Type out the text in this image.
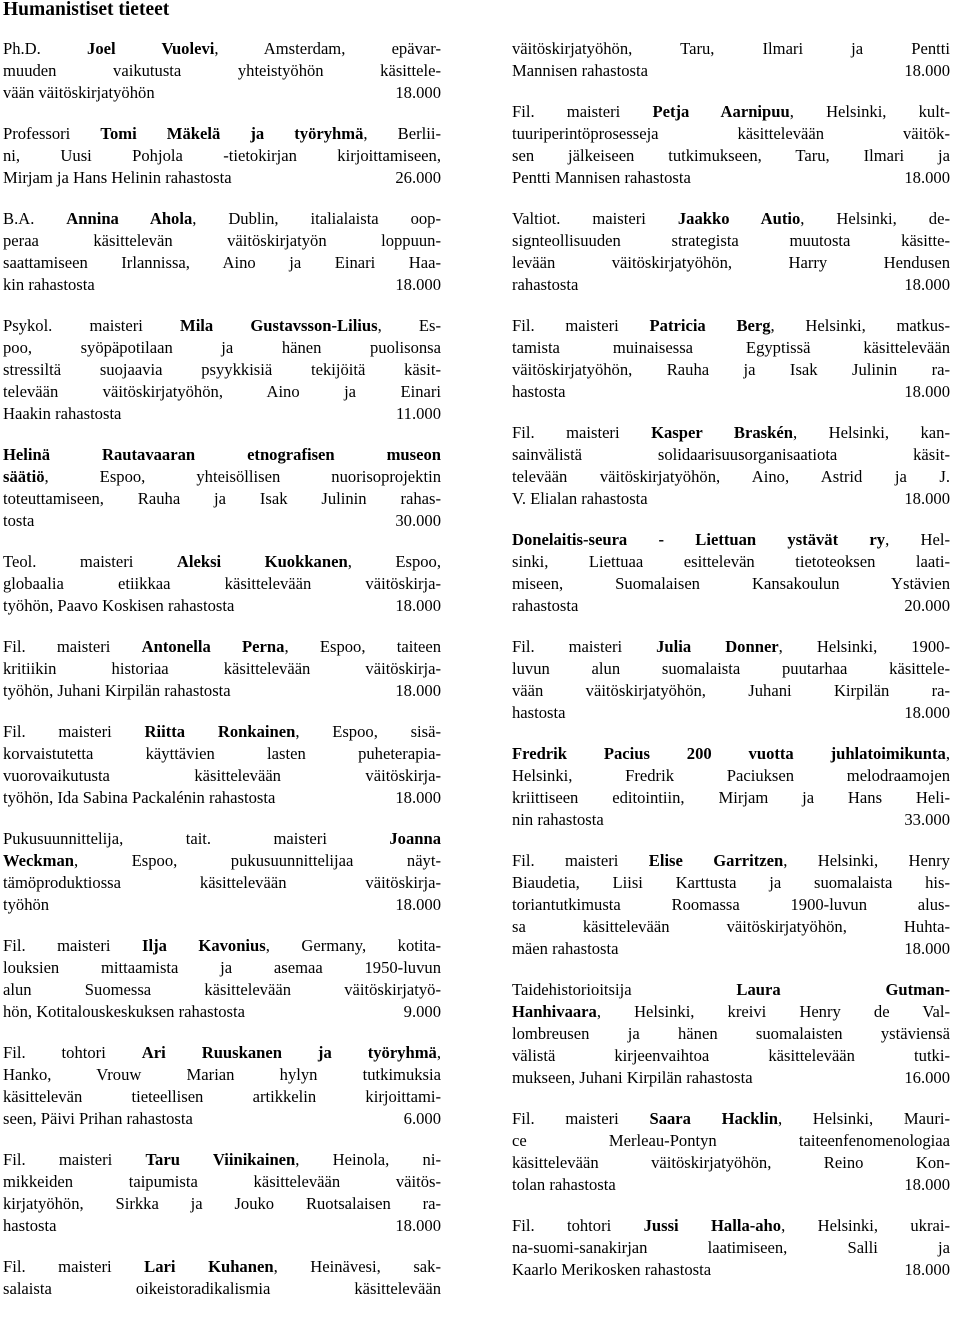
Humanistiset tieteet
Ph.D. Joel Vuolevi, Amsterdam, epävar-
muuden vaikutusta yhteistyöhön käsittele-
vään väitöskirjatyöhön	18.000
Professori Tomi Mäkelä ja työryhmä, Berlii-
ni, Uusi Pohjola -tietokirjan kirjoittamiseen,
Mirjam ja Hans Helinin rahastosta	26.000
B.A. Annina Ahola, Dublin, italialaista oop-
peraa käsittelevän väitöskirjatyön loppuun-
saattamiseen Irlannissa, Aino ja Einari Haa-
kin rahastosta	18.000
Psykol. maisteri Mila Gustavsson-Lilius, Es-
poo, syöpäpotilaan ja hänen puolisonsa
stressiltä suojaavia psyykkisiä tekijöitä käsit-
televään väitöskirjatyöhön, Aino ja Einari
Haakin rahastosta	11.000
Helinä Rautavaaran etnografisen museon
säätiö, Espoo, yhteisöllisen nuorisoprojektin
toteuttamiseen, Rauha ja Isak Julinin rahas-
tosta	30.000
Teol. maisteri Aleksi Kuokkanen, Espoo,
globaalia etiikkaa käsittelevään väitöskirja-
työhön, Paavo Koskisen rahastosta	18.000
Fil. maisteri Antonella Perna, Espoo, taiteen
kritiikin historiaa käsittelevään väitöskirja-
työhön, Juhani Kirpilän rahastosta	18.000
Fil. maisteri Riitta Ronkainen, Espoo, sisä-
korvaistutetta käyttävien lasten puheterapia-
vuorovaikutusta käsittelevään väitöskirja-
työhön, Ida Sabina Packalénin rahastosta	18.000
Pukusuunnittelija, tait. maisteri Joanna
Weckman, Espoo, pukusuunnittelijaa näyt-
tämöproduktiossa käsittelevään väitöskirja-
työhön	18.000
Fil. maisteri Ilja Kavonius, Germany, kotita-
louksien mittaamista ja asemaa 1950-luvun
alun Suomessa käsittelevään väitöskirjatyö-
hön, Kotitalouskeskuksen rahastosta	9.000
Fil. tohtori Ari Ruuskanen ja työryhmä,
Hanko, Vrouw Marian hylyn tutkimuksia
käsittelevän tieteellisen artikkelin kirjoittami-
seen, Päivi Prihan rahastosta	6.000
Fil. maisteri Taru Viinikainen, Heinola, ni-
mikkeiden taipumista käsittelevään väitös-
kirjatyöhön, Sirkka ja Jouko Ruotsalaisen ra-
hastosta	18.000
Fil. maisteri Lari Kuhanen, Heinävesi, sak-
salaista oikeistoradikalismia käsittelevään
väitöskirjatyöhön, Taru, Ilmari ja Pentti
Mannisen rahastosta	18.000
Fil. maisteri Petja Aarnipuu, Helsinki, kult-
tuuriperintöprosesseja käsittelevään väitök-
sen jälkeiseen tutkimukseen, Taru, Ilmari ja
Pentti Mannisen rahastosta	18.000
Valtiot. maisteri Jaakko Autio, Helsinki, de-
signteollisuuden strategista muutosta käsitte-
levään väitöskirjatyöhön, Harry Hendusen
rahastosta	18.000
Fil. maisteri Patricia Berg, Helsinki, matkus-
tamista muinaisessa Egyptissä käsittelevään
väitöskirjatyöhön, Rauha ja Isak Julinin ra-
hastosta	18.000
Fil. maisteri Kasper Braskén, Helsinki, kan-
sainvälistä solidaarisuusorganisaatiota käsit-
televään väitöskirjatyöhön, Aino, Astrid ja J.
V. Elialan rahastosta	18.000
Donelaitis-seura - Liettuan ystävät ry, Hel-
sinki, Liettuaa esittelevän tietoteoksen laati-
miseen, Suomalaisen Kansakoulun Ystävien
rahastosta	20.000
Fil. maisteri Julia Donner, Helsinki, 1900-
luvun alun suomalaista puutarhaa käsittele-
vään väitöskirjatyöhön, Juhani Kirpilän ra-
hastosta	18.000
Fredrik Pacius 200 vuotta juhlatoimikunta,
Helsinki, Fredrik Paciuksen melodraamojen
kriittiseen editointiin, Mirjam ja Hans Heli-
nin rahastosta	33.000
Fil. maisteri Elise Garritzen, Helsinki, Henry
Biaudetia, Liisi Karttusta ja suomalaista his-
toriantutkimusta Roomassa 1900-luvun alus-
sa käsittelevään väitöskirjatyöhön, Huhta-
mäen rahastosta	18.000
Taidehistorioitsija Laura Gutman-
Hanhivaara, Helsinki, kreivi Henry de Val-
lombreusen ja hänen suomalaisten ystäviensä
välistä kirjeenvaihtoa käsittelevään tutki-
mukseen, Juhani Kirpilän rahastosta	16.000
Fil. maisteri Saara Hacklin, Helsinki, Mauri-
ce Merleau-Pontyn taiteenfenomenologiaa
käsittelevään väitöskirjatyöhön, Reino Kon-
tolan rahastosta	18.000
Fil. tohtori Jussi Halla-aho, Helsinki, ukrai-
na-suomi-sanakirjan laatimiseen, Salli ja
Kaarlo Merikosken rahastosta	18.000
